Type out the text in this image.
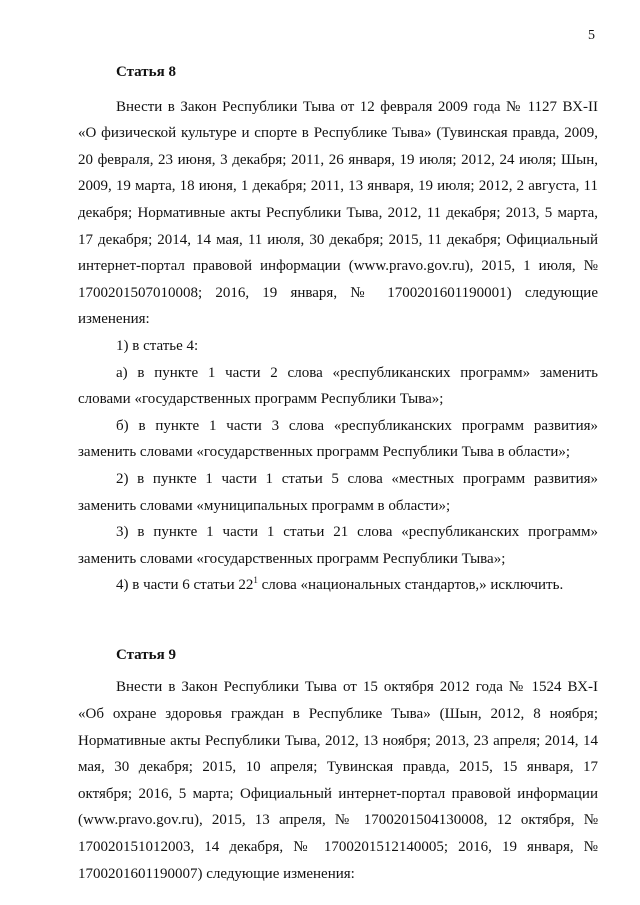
5
Статья 8
Внести в Закон Республики Тыва от 12 февраля 2009 года № 1127 ВХ-II
«О физической культуре и спорте в Республике Тыва» (Тувинская правда, 2009,
20 февраля, 23 июня, 3 декабря; 2011, 26 января, 19 июля; 2012, 24 июля; Шын,
2009, 19 марта, 18 июня, 1 декабря; 2011, 13 января, 19 июля; 2012, 2 августа, 11
декабря; Нормативные акты Республики Тыва, 2012, 11 декабря; 2013, 5 марта,
17 декабря; 2014, 14 мая, 11 июля, 30 декабря; 2015, 11 декабря; Официальный
интернет-портал правовой информации (www.pravo.gov.ru), 2015, 1 июля, №
1700201507010008; 2016, 19 января, № 1700201601190001) следующие
изменения:
1) в статье 4:
а) в пункте 1 части 2 слова «республиканских программ» заменить
словами «государственных программ Республики Тыва»;
б) в пункте 1 части 3 слова «республиканских программ развития»
заменить словами «государственных программ Республики Тыва в области»;
2) в пункте 1 части 1 статьи 5 слова «местных программ развития»
заменить словами «муниципальных программ в области»;
3) в пункте 1 части 1 статьи 21 слова «республиканских программ»
заменить словами «государственных программ Республики Тыва»;
4) в части 6 статьи $22^1$ слова «национальных стандартов,» исключить.
Статья 9
Внести в Закон Республики Тыва от 15 октября 2012 года № 1524 ВХ-I
«Об охране здоровья граждан в Республике Тыва» (Шын, 2012, 8 ноября;
Нормативные акты Республики Тыва, 2012, 13 ноября; 2013, 23 апреля; 2014, 14
мая, 30 декабря; 2015, 10 апреля; Тувинская правда, 2015, 15 января, 17
октября; 2016, 5 марта; Официальный интернет-портал правовой информации
(www.pravo.gov.ru), 2015, 13 апреля, № 1700201504130008, 12 октября, №
170020151012003, 14 декабря, № 1700201512140005; 2016, 19 января, №
1700201601190007) следующие изменения:
